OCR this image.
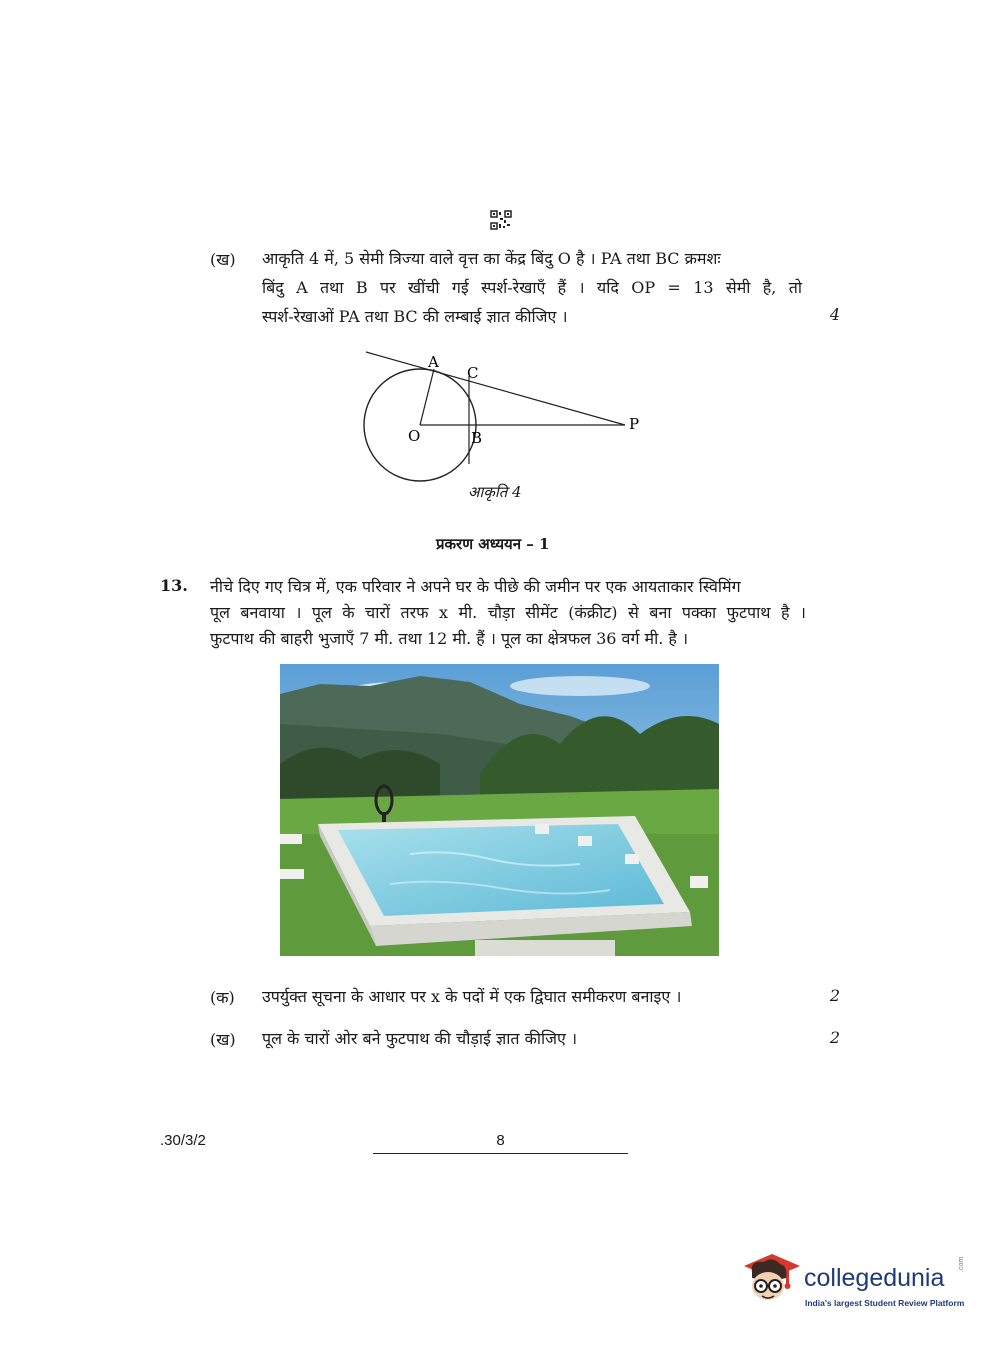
(ख) आकृति 4 में, 5 सेमी त्रिज्या वाले वृत्त का केंद्र बिंदु O है । PA तथा BC क्रमशः
बिंदु A तथा B पर खींची गई स्पर्श-रेखाएँ हैं । यदि OP = 13 सेमी है, तो
स्पर्श-रेखाओं PA तथा BC की लम्बाई ज्ञात कीजिए ।	4
A
C
O	B
P
आकृति 4
प्रकरण अध्ययन – 1
13. नीचे दिए गए चित्र में, एक परिवार ने अपने घर के पीछे की जमीन पर एक आयताकार स्विमिंग
पूल बनवाया । पूल के चारों तरफ x मी. चौड़ा सीमेंट (कंक्रीट) से बना पक्का फुटपाथ है ।
फुटपाथ की बाहरी भुजाएँ 7 मी. तथा 12 मी. हैं । पूल का क्षेत्रफल 36 वर्ग मी. है ।
(क) उपर्युक्त सूचना के आधार पर x के पदों में एक द्विघात समीकरण बनाइए ।	2
(ख) पूल के चारों ओर बने फुटपाथ की चौड़ाई ज्ञात कीजिए ।	2
.30/3/2	8
collegedunia
India's largest Student Review Platform
.com
